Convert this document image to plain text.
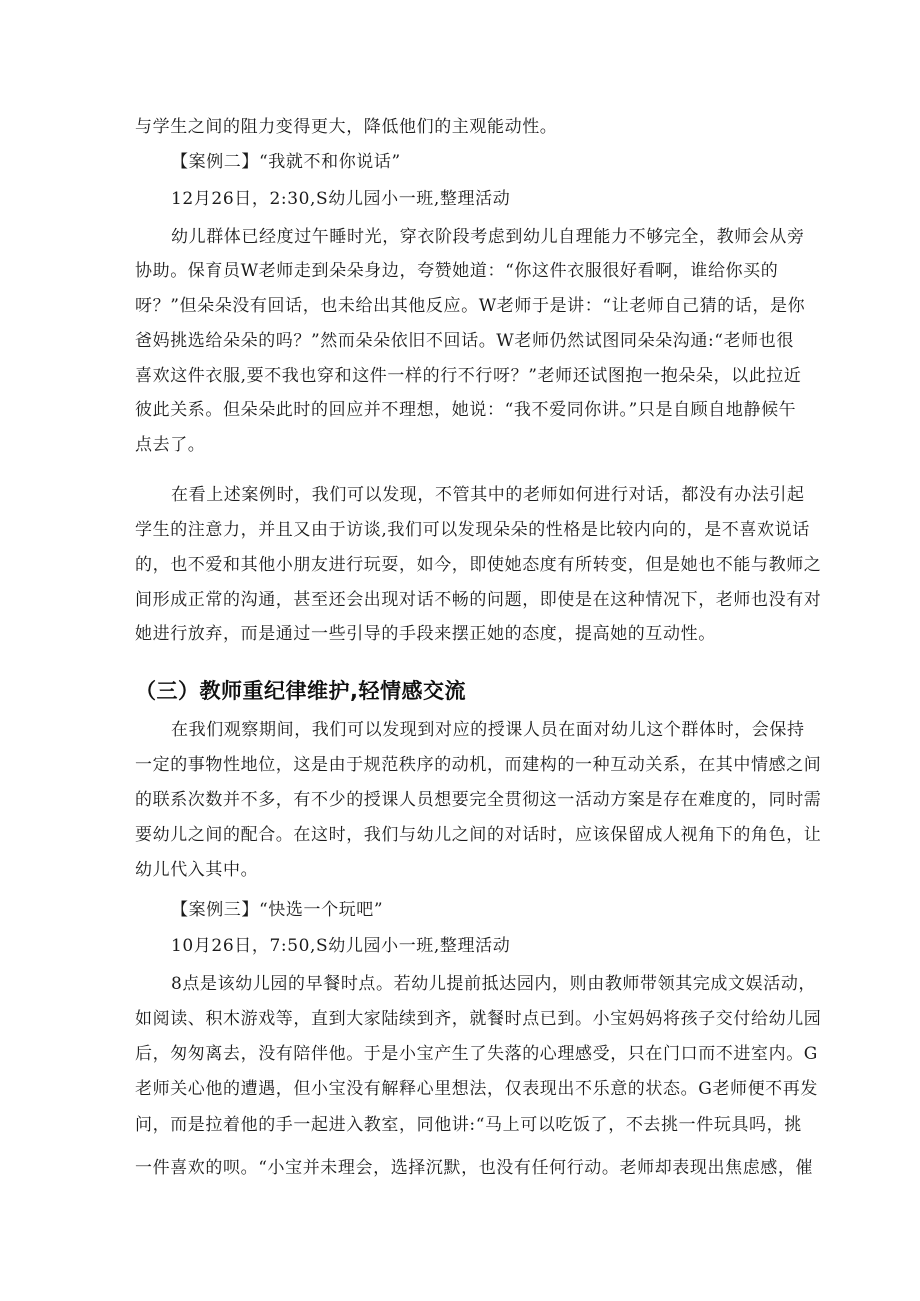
与学生之间的阻力变得更大，降低他们的主观能动性。
【案例二】“我就不和你说话”
12月26日，2:30,S幼儿园小一班,整理活动
幼儿群体已经度过午睡时光，穿衣阶段考虑到幼儿自理能力不够完全，教师会从旁
协助。保育员W老师走到朵朵身边，夸赞她道：“你这件衣服很好看啊，谁给你买的
呀？”但朵朵没有回话，也未给出其他反应。W老师于是讲：“让老师自己猜的话，是你
爸妈挑选给朵朵的吗？”然而朵朵依旧不回话。W老师仍然试图同朵朵沟通:“老师也很
喜欢这件衣服,要不我也穿和这件一样的行不行呀？”老师还试图抱一抱朵朵，以此拉近
彼此关系。但朵朵此时的回应并不理想，她说：“我不爱同你讲。”只是自顾自地静候午
点去了。
在看上述案例时，我们可以发现，不管其中的老师如何进行对话，都没有办法引起
学生的注意力，并且又由于访谈,我们可以发现朵朵的性格是比较内向的，是不喜欢说话
的，也不爱和其他小朋友进行玩耍，如今，即使她态度有所转变，但是她也不能与教师之
间形成正常的沟通，甚至还会出现对话不畅的问题，即使是在这种情况下，老师也没有对
她进行放弃，而是通过一些引导的手段来摆正她的态度，提高她的互动性。
（三）教师重纪律维护,轻情感交流
在我们观察期间，我们可以发现到对应的授课人员在面对幼儿这个群体时，会保持
一定的事物性地位，这是由于规范秩序的动机，而建构的一种互动关系，在其中情感之间
的联系次数并不多，有不少的授课人员想要完全贯彻这一活动方案是存在难度的，同时需
要幼儿之间的配合。在这时，我们与幼儿之间的对话时，应该保留成人视角下的角色，让
幼儿代入其中。
【案例三】“快选一个玩吧”
10月26日，7:50,S幼儿园小一班,整理活动
8点是该幼儿园的早餐时点。若幼儿提前抵达园内，则由教师带领其完成文娱活动，
如阅读、积木游戏等，直到大家陆续到齐，就餐时点已到。小宝妈妈将孩子交付给幼儿园
后，匆匆离去，没有陪伴他。于是小宝产生了失落的心理感受，只在门口而不进室内。G
老师关心他的遭遇，但小宝没有解释心里想法，仅表现出不乐意的状态。G老师便不再发
问，而是拉着他的手一起进入教室，同他讲:“马上可以吃饭了，不去挑一件玩具吗，挑
一件喜欢的呗。“小宝并未理会，选择沉默，也没有任何行动。老师却表现出焦虑感，催
